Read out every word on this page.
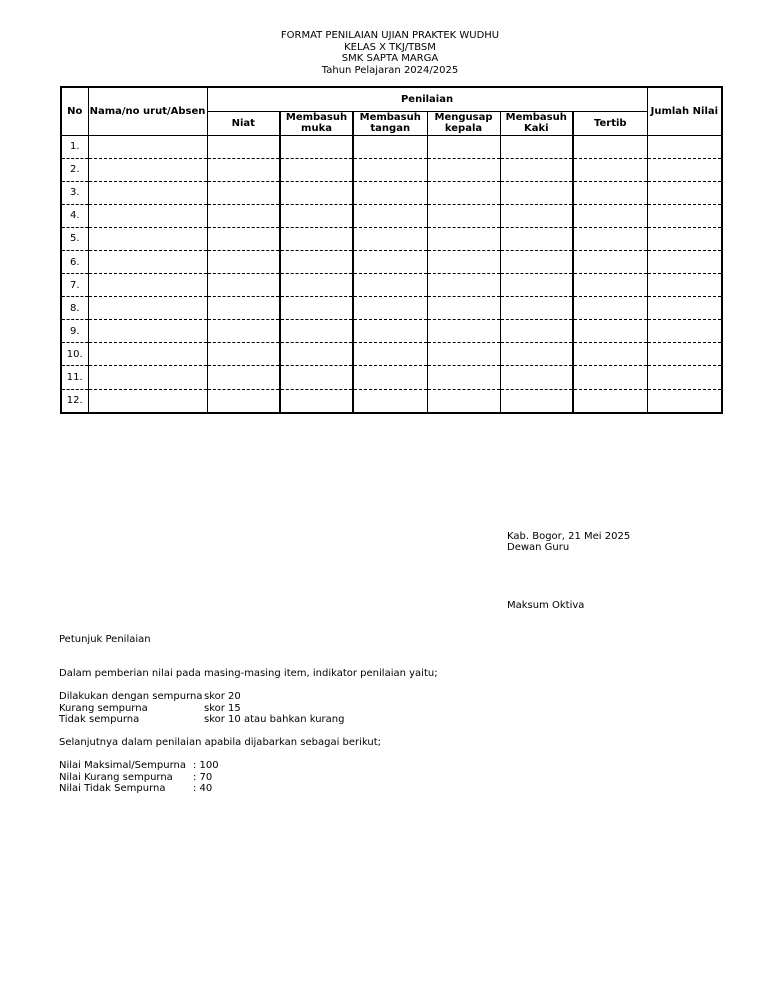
FORMAT PENILAIAN UJIAN PRAKTEK WUDHU
KELAS X TKJ/TBSM
SMK SAPTA MARGA
Tahun Pelajaran 2024/2025
No	Nama/no urut/Absen	Penilaian						Jumlah Nilai
		Niat	Membasuh muka	Membasuh tangan	Mengusap kepala	Membasuh Kaki	Tertib	
1.								
2.								
3.								
4.								
5.								
6.								
7.								
8.								
9.								
10.								
11.								
12.								
Kab. Bogor, 21 Mei 2025
Dewan Guru
Maksum Oktiva
Petunjuk Penilaian
Dalam pemberian nilai pada masing-masing item, indikator penilaian yaitu;
Dilakukan dengan sempurna skor 20
Kurang sempurna	skor 15
Tidak sempurna	skor 10 atau bahkan kurang
Selanjutnya dalam penilaian apabila dijabarkan sebagai berikut;
Nilai Maksimal/Sempurna : 100
Nilai Kurang sempurna	: 70
Nilai Tidak Sempurna	: 40
